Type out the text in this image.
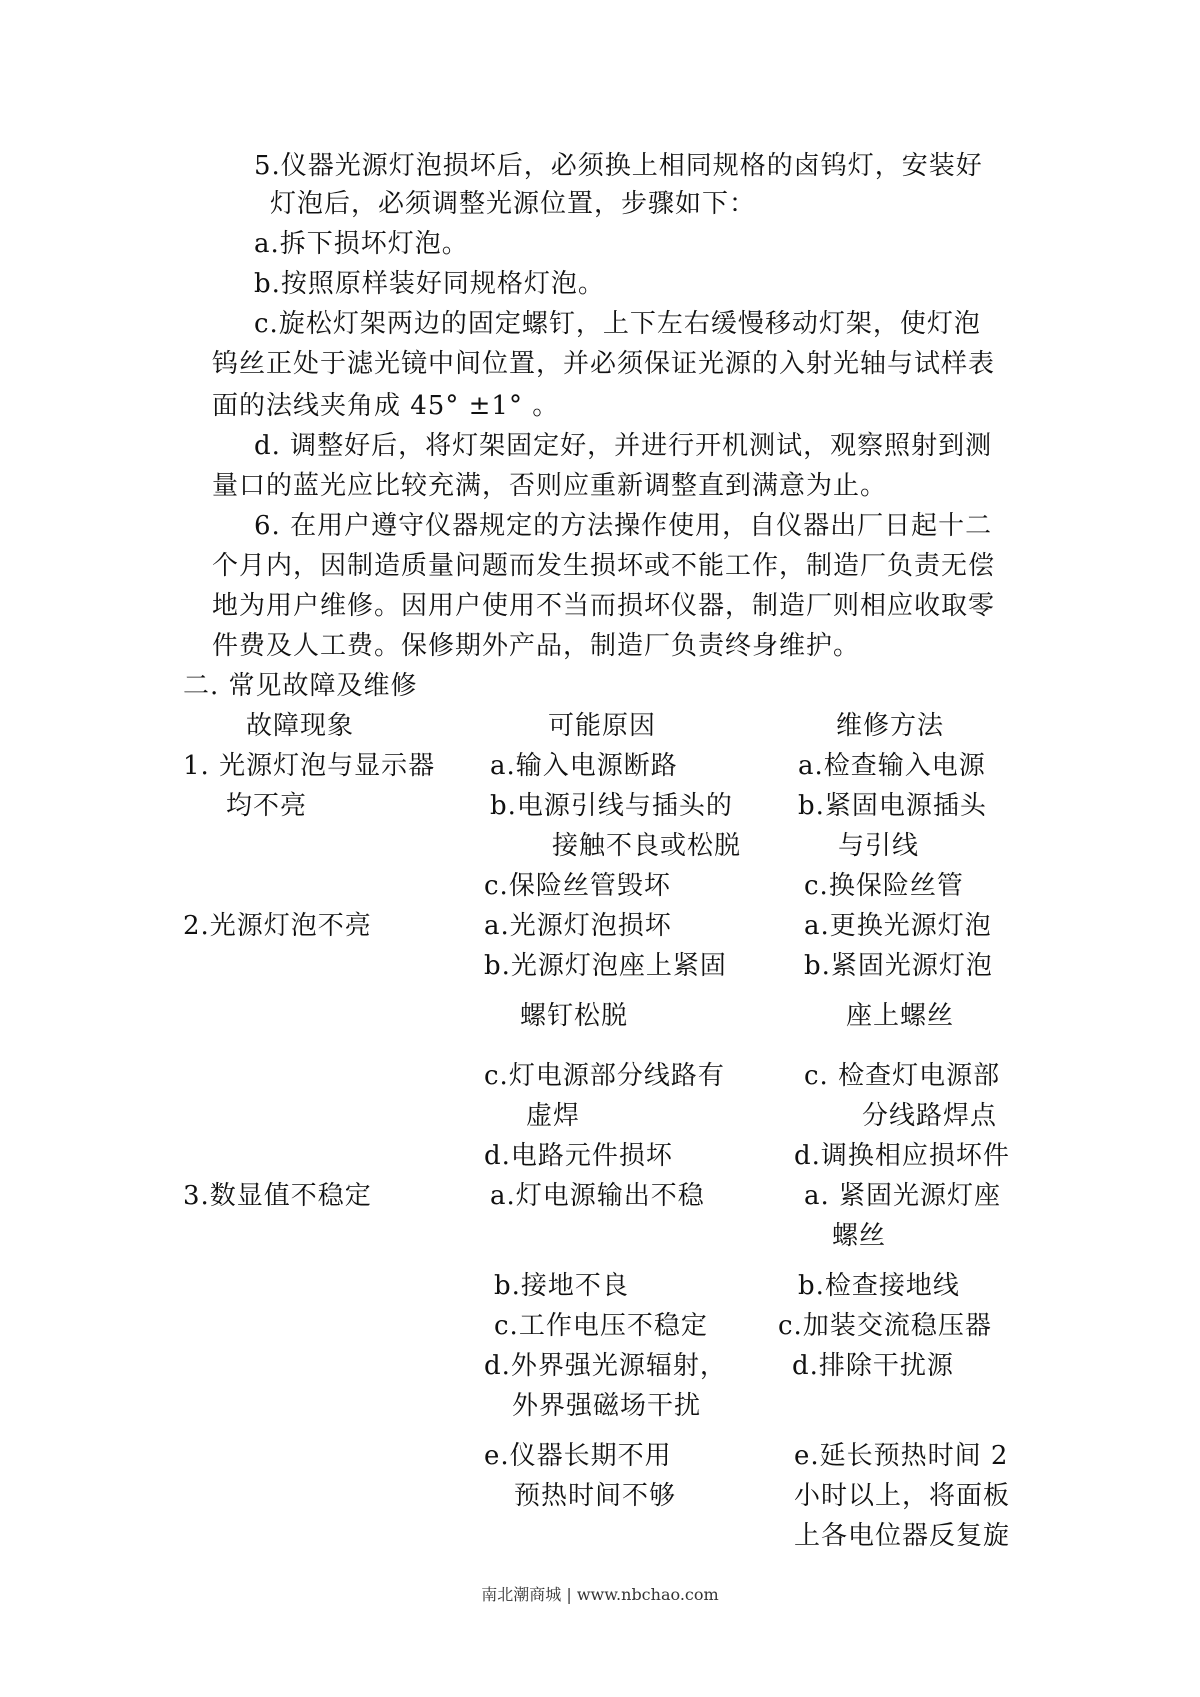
5.仪器光源灯泡损坏后，必须换上相同规格的卤钨灯，安装好
灯泡后，必须调整光源位置，步骤如下：
a.拆下损坏灯泡。
b.按照原样装好同规格灯泡。
c.旋松灯架两边的固定螺钉，上下左右缓慢移动灯架，使灯泡
钨丝正处于滤光镜中间位置，并必须保证光源的入射光轴与试样表
面的法线夹角成 45° ±1° 。
d. 调整好后，将灯架固定好，并进行开机测试，观察照射到测
量口的蓝光应比较充满，否则应重新调整直到满意为止。
6. 在用户遵守仪器规定的方法操作使用，自仪器出厂日起十二
个月内，因制造质量问题而发生损坏或不能工作，制造厂负责无偿
地为用户维修。因用户使用不当而损坏仪器，制造厂则相应收取零
件费及人工费。保修期外产品，制造厂负责终身维护。
二. 常见故障及维修
故障现象	可能原因	维修方法
1. 光源灯泡与显示器
均不亮
a.输入电源断路	a.检查输入电源
b.电源引线与插头的	b.紧固电源插头
接触不良或松脱	与引线
c.保险丝管毁坏	c.换保险丝管
2.光源灯泡不亮	a.光源灯泡损坏	a.更换光源灯泡
b.光源灯泡座上紧固	b.紧固光源灯泡
螺钉松脱	座上螺丝
c.灯电源部分线路有	c. 检查灯电源部
虚焊	分线路焊点
d.电路元件损坏	d.调换相应损坏件
3.数显值不稳定	a.灯电源输出不稳	a. 紧固光源灯座
螺丝
b.接地不良	b.检查接地线
c.工作电压不稳定	c.加装交流稳压器
d.外界强光源辐射，	d.排除干扰源
外界强磁场干扰
e.仪器长期不用	e.延长预热时间 2
预热时间不够	小时以上，将面板
上各电位器反复旋
南北潮商城 | www.nbchao.com
